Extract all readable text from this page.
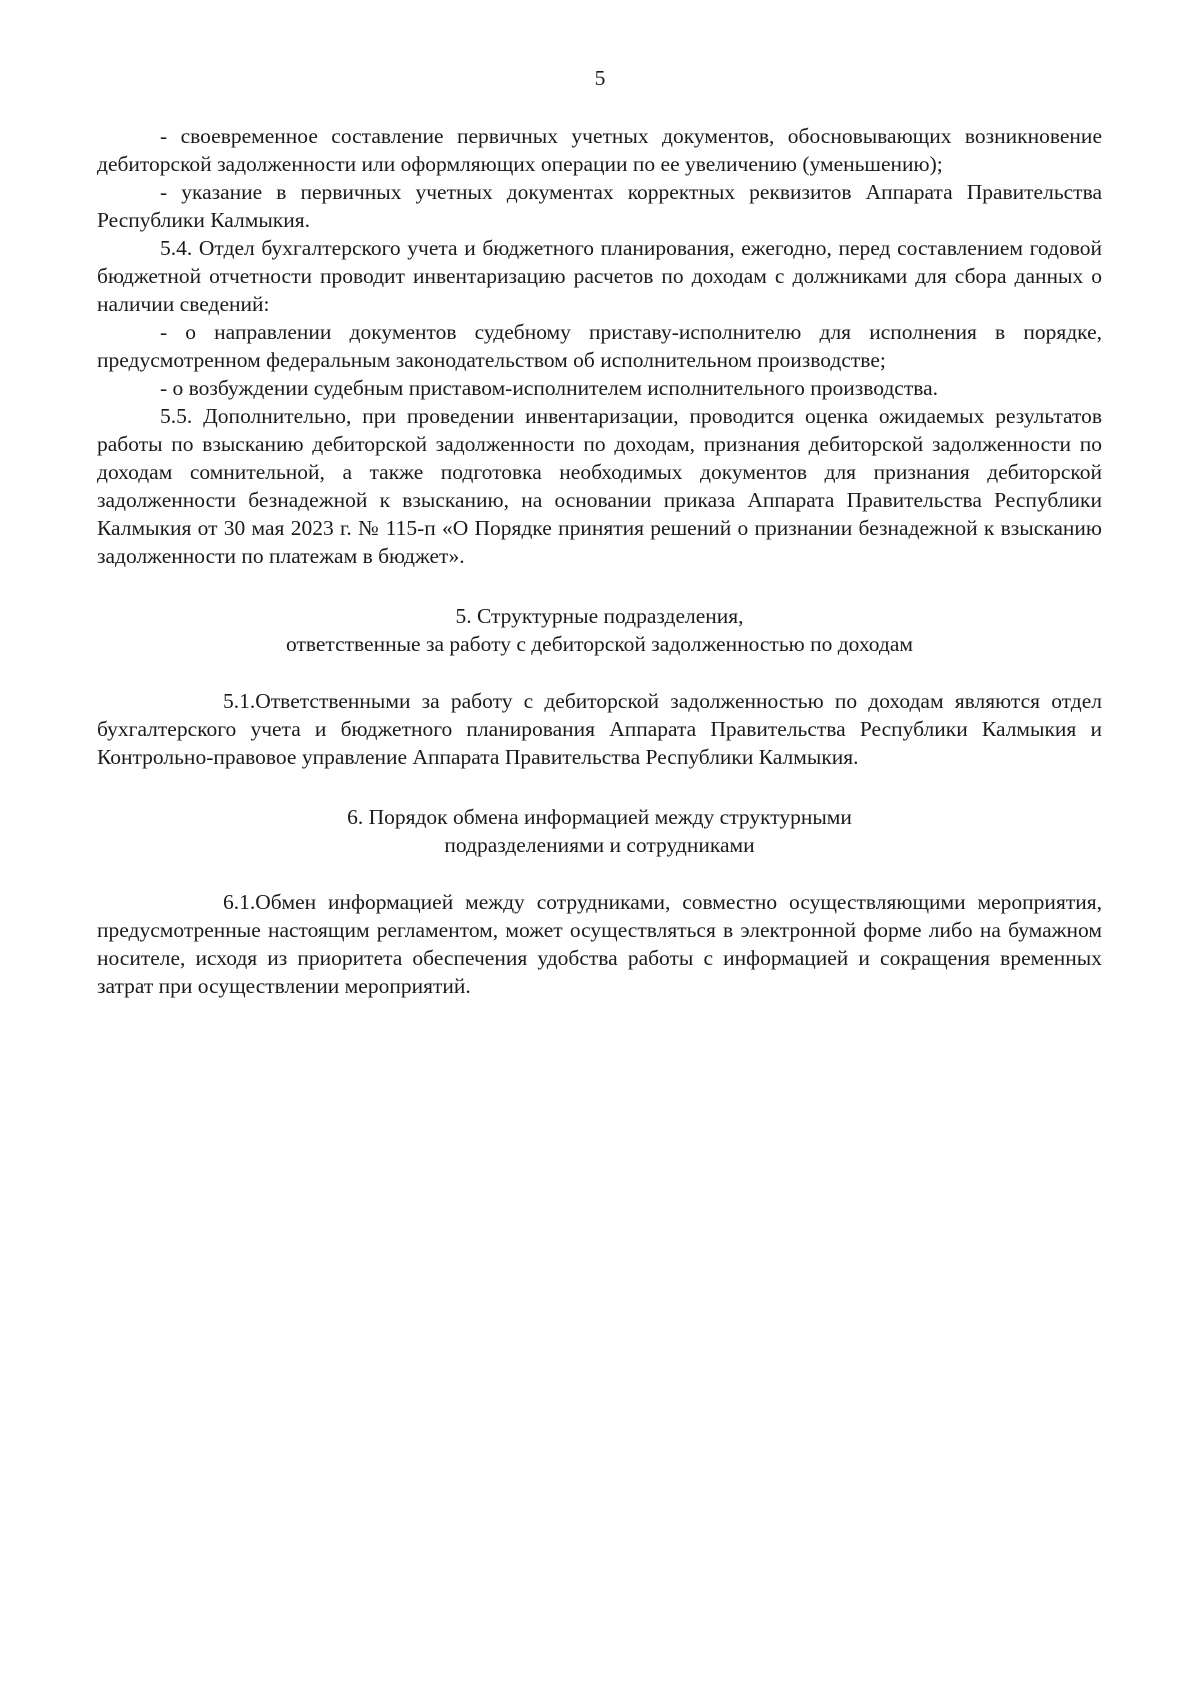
5

- своевременное составление первичных учетных документов, обосновывающих возникновение дебиторской задолженности или оформляющих операции по ее увеличению (уменьшению);

- указание в первичных учетных документах корректных реквизитов Аппарата Правительства Республики Калмыкия.

5.4. Отдел бухгалтерского учета и бюджетного планирования, ежегодно, перед составлением годовой бюджетной отчетности проводит инвентаризацию расчетов по доходам с должниками для сбора данных о наличии сведений:

- о направлении документов судебному приставу-исполнителю для исполнения в порядке, предусмотренном федеральным законодательством об исполнительном производстве;

- о возбуждении судебным приставом-исполнителем исполнительного производства.

5.5. Дополнительно, при проведении инвентаризации, проводится оценка ожидаемых результатов работы по взысканию дебиторской задолженности по доходам, признания дебиторской задолженности по доходам сомнительной, а также подготовка необходимых документов для признания дебиторской задолженности безнадежной к взысканию, на основании приказа Аппарата Правительства Республики Калмыкия от 30 мая 2023 г. № 115-п «О Порядке принятия решений о признании безнадежной к взысканию задолженности по платежам в бюджет».

5. Структурные подразделения,

ответственные за работу с дебиторской задолженностью по доходам

5.1.Ответственными за работу с дебиторской задолженностью по доходам являются отдел бухгалтерского учета и бюджетного планирования Аппарата Правительства Республики Калмыкия и Контрольно-правовое управление Аппарата Правительства Республики Калмыкия.

6. Порядок обмена информацией между структурными

подразделениями и сотрудниками

6.1.Обмен информацией между сотрудниками, совместно осуществляющими мероприятия, предусмотренные настоящим регламентом, может осуществляться в электронной форме либо на бумажном носителе, исходя из приоритета обеспечения удобства работы с информацией и сокращения временных затрат при осуществлении мероприятий.
